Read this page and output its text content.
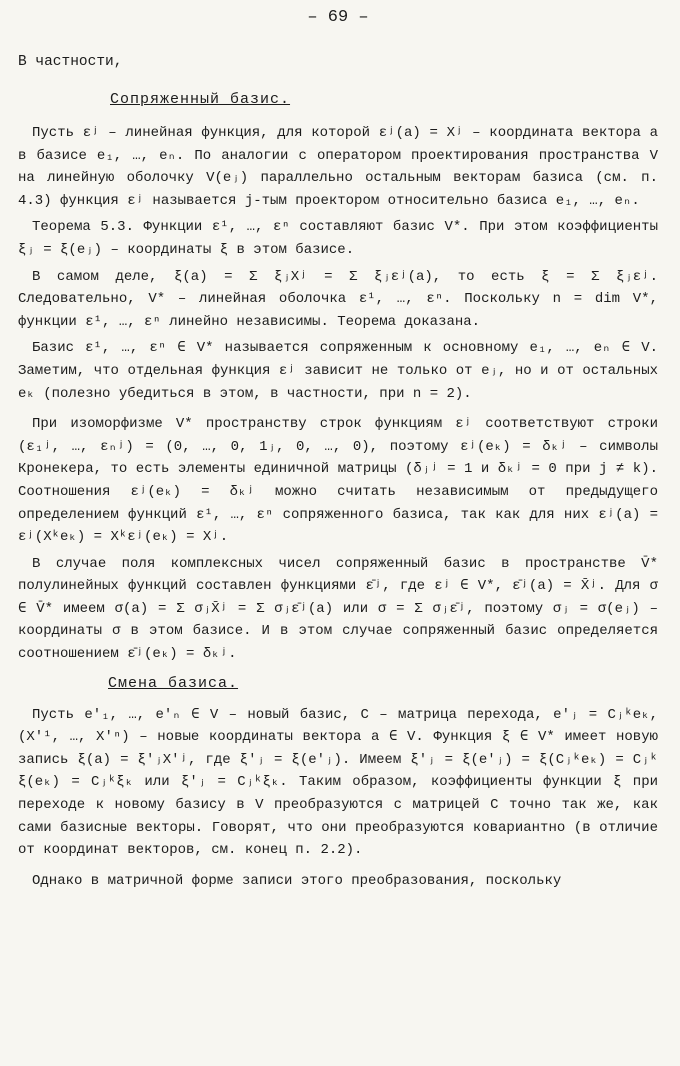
– 69 –
В частности,
Сопряженный базис.

Пусть εʲ – линейная функция, для которой εʲ(a) = Xʲ – координата вектора a в базисе e₁, …, eₙ. По аналогии с оператором проектирования пространства V на линейную оболочку V(eⱼ) параллельно остальным векторам базиса (см. п. 4.3) функция εʲ называется j-тым проектором относительно базиса e₁, …, eₙ.

Теорема 5.3. Функции ε¹, …, εⁿ составляют базис V*. При этом коэффициенты ξⱼ = ξ(eⱼ) – координаты ξ в этом базисе.

В самом деле, ξ(a) = Σ ξⱼXʲ = Σ ξⱼεʲ(a), то есть ξ = Σ ξⱼεʲ. Следовательно, V* – линейная оболочка ε¹, …, εⁿ. Поскольку n = dim V*, функции ε¹, …, εⁿ линейно независимы. Теорема доказана.

Базис ε¹, …, εⁿ ∈ V* называется сопряженным к основному e₁, …, eₙ ∈ V. Заметим, что отдельная функция εʲ зависит не только от eⱼ, но и от остальных eₖ (полезно убедиться в этом, в частности, при n = 2).

При изоморфизме V* пространству строк функциям εʲ соответствуют строки (ε₁ʲ, …, εₙʲ) = (0, …, 0, 1ⱼ, 0, …, 0), поэтому εʲ(eₖ) = δₖʲ – символы Кронекера, то есть элементы единичной матрицы (δⱼʲ = 1 и δₖʲ = 0 при j ≠ k). Соотношения εʲ(eₖ) = δₖʲ можно считать независимым от предыдущего определением функций ε¹, …, εⁿ сопряженного базиса, так как для них εʲ(a) = εʲ(Xᵏeₖ) = Xᵏεʲ(eₖ) = Xʲ.

В случае поля комплексных чисел сопряженный базис в пространстве V̄* полулинейных функций составлен функциями ε̄ʲ, где εʲ ∈ V*, ε̄ʲ(a) = X̄ʲ. Для σ ∈ V̄* имеем σ(a) = Σ σⱼX̄ʲ = Σ σⱼε̄ʲ(a) или σ = Σ σⱼε̄ʲ, поэтому σⱼ = σ(eⱼ) – координаты σ в этом базисе. И в этом случае сопряженный базис определяется соотношением ε̄ʲ(eₖ) = δₖʲ.

Смена базиса.

Пусть e′₁, …, e′ₙ ∈ V – новый базис, C – матрица перехода, e′ⱼ = Cⱼᵏeₖ, (X′¹, …, X′ⁿ) – новые координаты вектора a ∈ V. Функция ξ ∈ V* имеет новую запись ξ(a) = ξ′ⱼX′ʲ, где ξ′ⱼ = ξ(e′ⱼ). Имеем ξ′ⱼ = ξ(e′ⱼ) = ξ(Cⱼᵏeₖ) = Cⱼᵏ ξ(eₖ) = Cⱼᵏξₖ или ξ′ⱼ = Cⱼᵏξₖ. Таким образом, коэффициенты функции ξ при переходе к новому базису в V преобразуются с матрицей C точно так же, как сами базисные векторы. Говорят, что они преобразуются ковариантно (в отличие от координат векторов, см. конец п. 2.2).

Однако в матричной форме записи этого преобразования, поскольку
